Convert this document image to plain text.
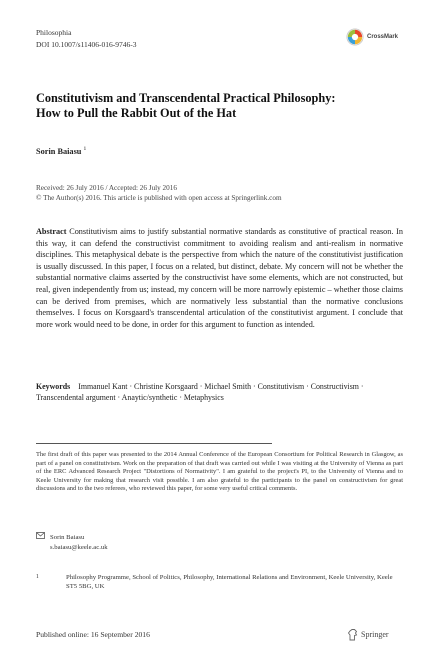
Philosophia
DOI 10.1007/s11406-016-9746-3
CrossMark
Constitutivism and Transcendental Practical Philosophy:
How to Pull the Rabbit Out of the Hat
Sorin Baiasu $^1$
Received: 26 July 2016 / Accepted: 26 July 2016
© The Author(s) 2016. This article is published with open access at Springerlink.com
Abstract Constitutivism aims to justify substantial normative standards as constitutive of practical reason. In this way, it can defend the constructivist commitment to avoiding realism and anti-realism in normative disciplines. This metaphysical debate is the perspective from which the nature of the constitutivist justification is usually discussed. In this paper, I focus on a related, but distinct, debate. My concern will not be whether the substantial normative claims asserted by the constructivist have some elements, which are not constructed, but real, given independently from us; instead, my concern will be more narrowly epistemic – whether those claims can be derived from premises, which are normatively less substantial than the normative conclusions themselves. I focus on Korsgaard's transcendental articulation of the constitutivist argument. I conclude that more work would need to be done, in order for this argument to function as intended.
Keywords Immanuel Kant · Christine Korsgaard · Michael Smith · Constitutivism · Constructivism · Transcendental argument · Anaytic/synthetic · Metaphysics
The first draft of this paper was presented to the 2014 Annual Conference of the European Consortium for Political Research in Glasgow, as part of a panel on constitutivism. Work on the preparation of that draft was carried out while I was visiting at the University of Vienna as part of the ERC Advanced Research Project "Distortions of Normativity". I am grateful to the project's PI, to the University of Vienna and to Keele University for making that research visit possible. I am also grateful to the participants to the panel on constructivism for great discussions and to the two referees, who reviewed this paper, for some very useful critical comments.
Sorin Baiasu
s.baiasu@keele.ac.uk
1	Philosophy Programme, School of Politics, Philosophy, International Relations and Environment, Keele University, Keele ST5 5BG, UK
Published online: 16 September 2016	Springer
